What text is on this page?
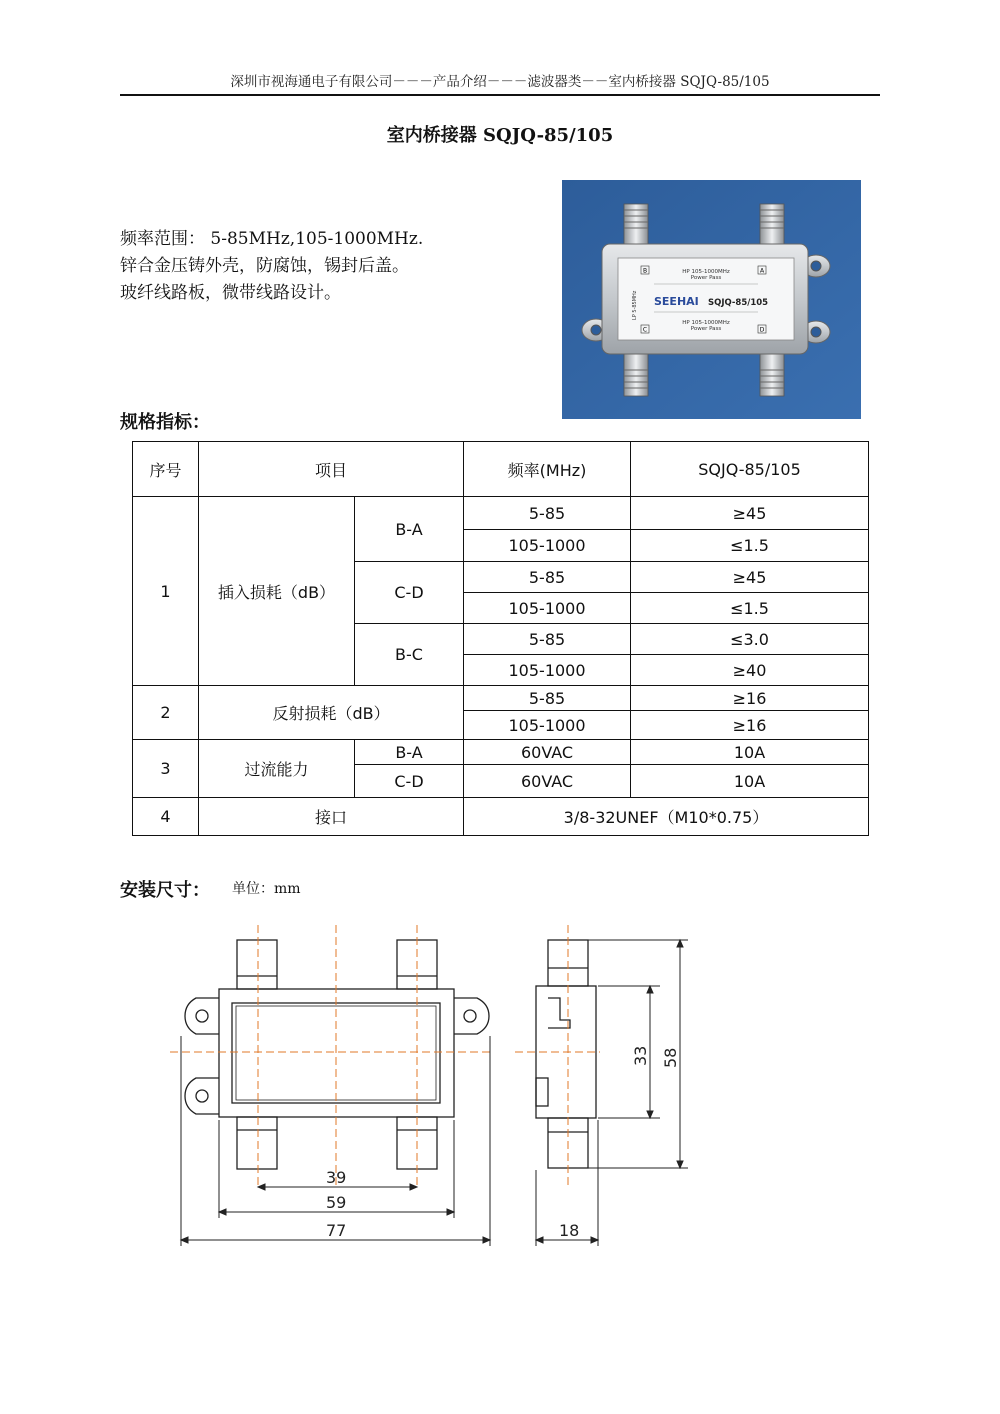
深圳市视海通电子有限公司－－－产品介绍－－－滤波器类－－室内桥接器 SQJQ-85/105
室内桥接器 SQJQ-85/105
频率范围： 5-85MHz,105-1000MHz.
锌合金压铸外壳，防腐蚀，锡封后盖。
玻纤线路板，微带线路设计。
HP 105-1000MHz
Power Pass
SEEHAI SQJQ-85/105
HP 105-1000MHz
Power Pass
LP 5-85MHz
B	A
C	D
规格指标：
序号	项目		频率(MHz)	SQJQ-85/105
1	插入损耗（dB）	B-A	5-85	≥45
			105-1000	≤1.5
		C-D	5-85	≥45
			105-1000	≤1.5
		B-C	5-85	≤3.0
			105-1000	≥40
2	反射损耗（dB）		5-85	≥16
			105-1000	≥16
3	过流能力	B-A	60VAC	10A
		C-D	60VAC	10A
4	接口		3/8-32UNEF（M10*0.75）	
安装尺寸： 单位：mm
39
59
77	18
33 58
